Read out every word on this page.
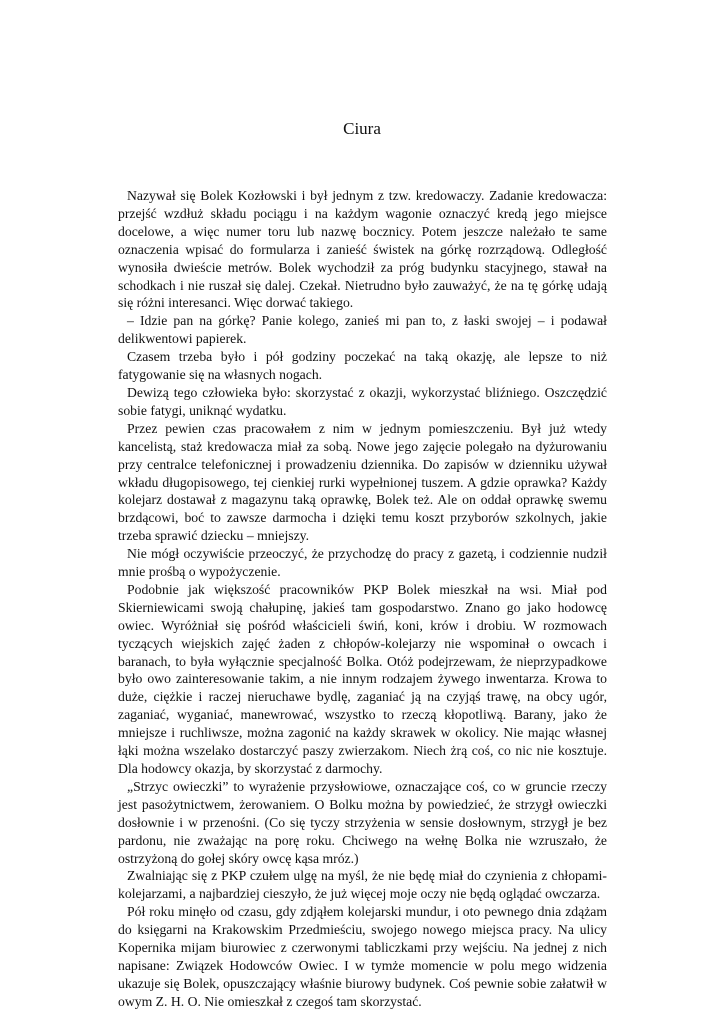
Ciura

Nazywał się Bolek Kozłowski i był jednym z tzw. kredowaczy. Zadanie kredowacza: przejść wzdłuż składu pociągu i na każdym wagonie oznaczyć kredą jego miejsce docelowe, a więc numer toru lub nazwę bocznicy. Potem jeszcze należało te same oznaczenia wpisać do formularza i zanieść świstek na górkę rozrządową. Odległość wynosiła dwieście metrów. Bolek wychodził za próg budynku stacyjnego, stawał na schodkach i nie ruszał się dalej. Czekał. Nietrudno było zauważyć, że na tę górkę udają się różni interesanci. Więc dorwać takiego.

– Idzie pan na górkę? Panie kolego, zanieś mi pan to, z łaski swojej – i podawał delikwentowi papierek.

Czasem trzeba było i pół godziny poczekać na taką okazję, ale lepsze to niż fatygowanie się na własnych nogach.

Dewizą tego człowieka było: skorzystać z okazji, wykorzystać bliźniego. Oszczędzić sobie fatygi, uniknąć wydatku.

Przez pewien czas pracowałem z nim w jednym pomieszczeniu. Był już wtedy kancelistą, staż kredowacza miał za sobą. Nowe jego zajęcie polegało na dyżurowaniu przy centralce telefonicznej i prowadzeniu dziennika. Do zapisów w dzienniku używał wkładu długopisowego, tej cienkiej rurki wypełnionej tuszem. A gdzie oprawka? Każdy kolejarz dostawał z magazynu taką oprawkę, Bolek też. Ale on oddał oprawkę swemu brzdącowi, boć to zawsze darmocha i dzięki temu koszt przyborów szkolnych, jakie trzeba sprawić dziecku – mniejszy.

Nie mógł oczywiście przeoczyć, że przychodzę do pracy z gazetą, i codziennie nudził mnie prośbą o wypożyczenie.

Podobnie jak większość pracowników PKP Bolek mieszkał na wsi. Miał pod Skierniewicami swoją chałupinę, jakieś tam gospodarstwo. Znano go jako hodowcę owiec. Wyróżniał się pośród właścicieli świń, koni, krów i drobiu. W rozmowach tyczących wiejskich zajęć żaden z chłopów-kolejarzy nie wspominał o owcach i baranach, to była wyłącznie specjalność Bolka. Otóż podejrzewam, że nieprzypadkowe było owo zainteresowanie takim, a nie innym rodzajem żywego inwentarza. Krowa to duże, ciężkie i raczej nieruchawe bydlę, zaganiać ją na czyjąś trawę, na obcy ugór, zaganiać, wyganiać, manewrować, wszystko to rzeczą kłopotliwą. Barany, jako że mniejsze i ruchliwsze, można zagonić na każdy skrawek w okolicy. Nie mając własnej łąki można wszelako dostarczyć paszy zwierzakom. Niech żrą coś, co nic nie kosztuje. Dla hodowcy okazja, by skorzystać z darmochy.

„Strzyc owieczki” to wyrażenie przysłowiowe, oznaczające coś, co w gruncie rzeczy jest pasożytnictwem, żerowaniem. O Bolku można by powiedzieć, że strzygł owieczki dosłownie i w przenośni. (Co się tyczy strzyżenia w sensie dosłownym, strzygł je bez pardonu, nie zważając na porę roku. Chciwego na wełnę Bolka nie wzruszało, że ostrzyżoną do gołej skóry owcę kąsa mróz.)

Zwalniając się z PKP czułem ulgę na myśl, że nie będę miał do czynienia z chłopami-kolejarzami, a najbardziej cieszyło, że już więcej moje oczy nie będą oglądać owczarza.

Pół roku minęło od czasu, gdy zdjąłem kolejarski mundur, i oto pewnego dnia zdążam do księgarni na Krakowskim Przedmieściu, swojego nowego miejsca pracy. Na ulicy Kopernika mijam biurowiec z czerwonymi tabliczkami przy wejściu. Na jednej z nich napisane: Związek Hodowców Owiec. I w tymże momencie w polu mego widzenia ukazuje się Bolek, opuszczający właśnie biurowy budynek. Coś pewnie sobie załatwił w owym Z. H. O. Nie omieszkał z czegoś tam skorzystać.
